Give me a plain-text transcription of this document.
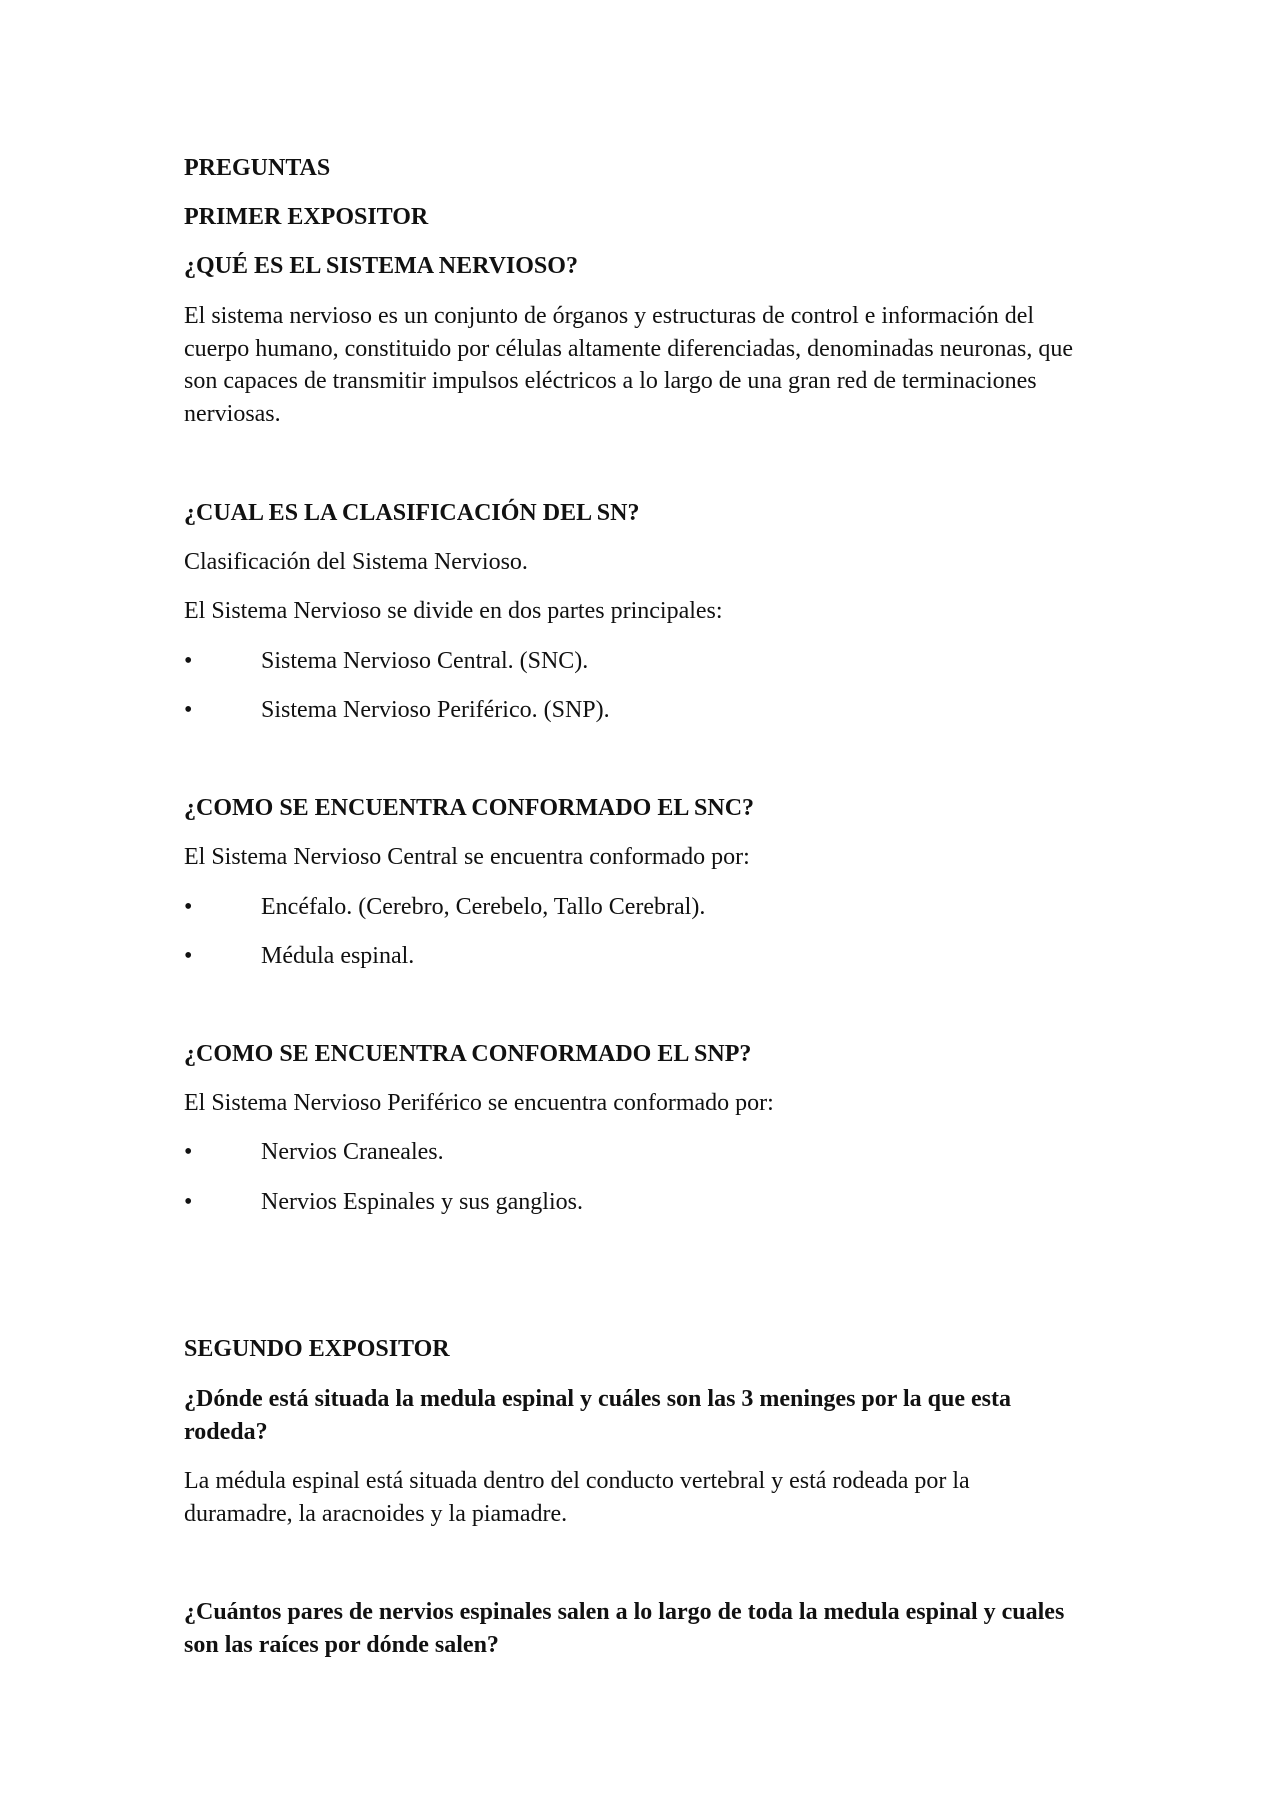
PREGUNTAS

PRIMER EXPOSITOR

¿QUÉ ES EL SISTEMA NERVIOSO?

El sistema nervioso es un conjunto de órganos y estructuras de control e información del cuerpo humano, constituido por células altamente diferenciadas, denominadas neuronas, que son capaces de transmitir impulsos eléctricos a lo largo de una gran red de terminaciones nerviosas.

¿CUAL ES LA CLASIFICACIÓN DEL SN?

Clasificación del Sistema Nervioso.

El Sistema Nervioso se divide en dos partes principales:

•	Sistema Nervioso Central. (SNC).
•	Sistema Nervioso Periférico. (SNP).

¿COMO SE ENCUENTRA CONFORMADO EL SNC?

El Sistema Nervioso Central se encuentra conformado por:

•	Encéfalo. (Cerebro, Cerebelo, Tallo Cerebral).
•	Médula espinal.

¿COMO SE ENCUENTRA CONFORMADO EL SNP?

El Sistema Nervioso Periférico se encuentra conformado por:

•	Nervios Craneales.
•	Nervios Espinales y sus ganglios.

SEGUNDO EXPOSITOR

¿Dónde está situada la medula espinal y cuáles son las 3 meninges por la que esta rodeda?

La médula espinal está situada dentro del conducto vertebral y está rodeada por la duramadre, la aracnoides y la piamadre.

¿Cuántos pares de nervios espinales salen a lo largo de toda la medula espinal y cuales son las raíces por dónde salen?
